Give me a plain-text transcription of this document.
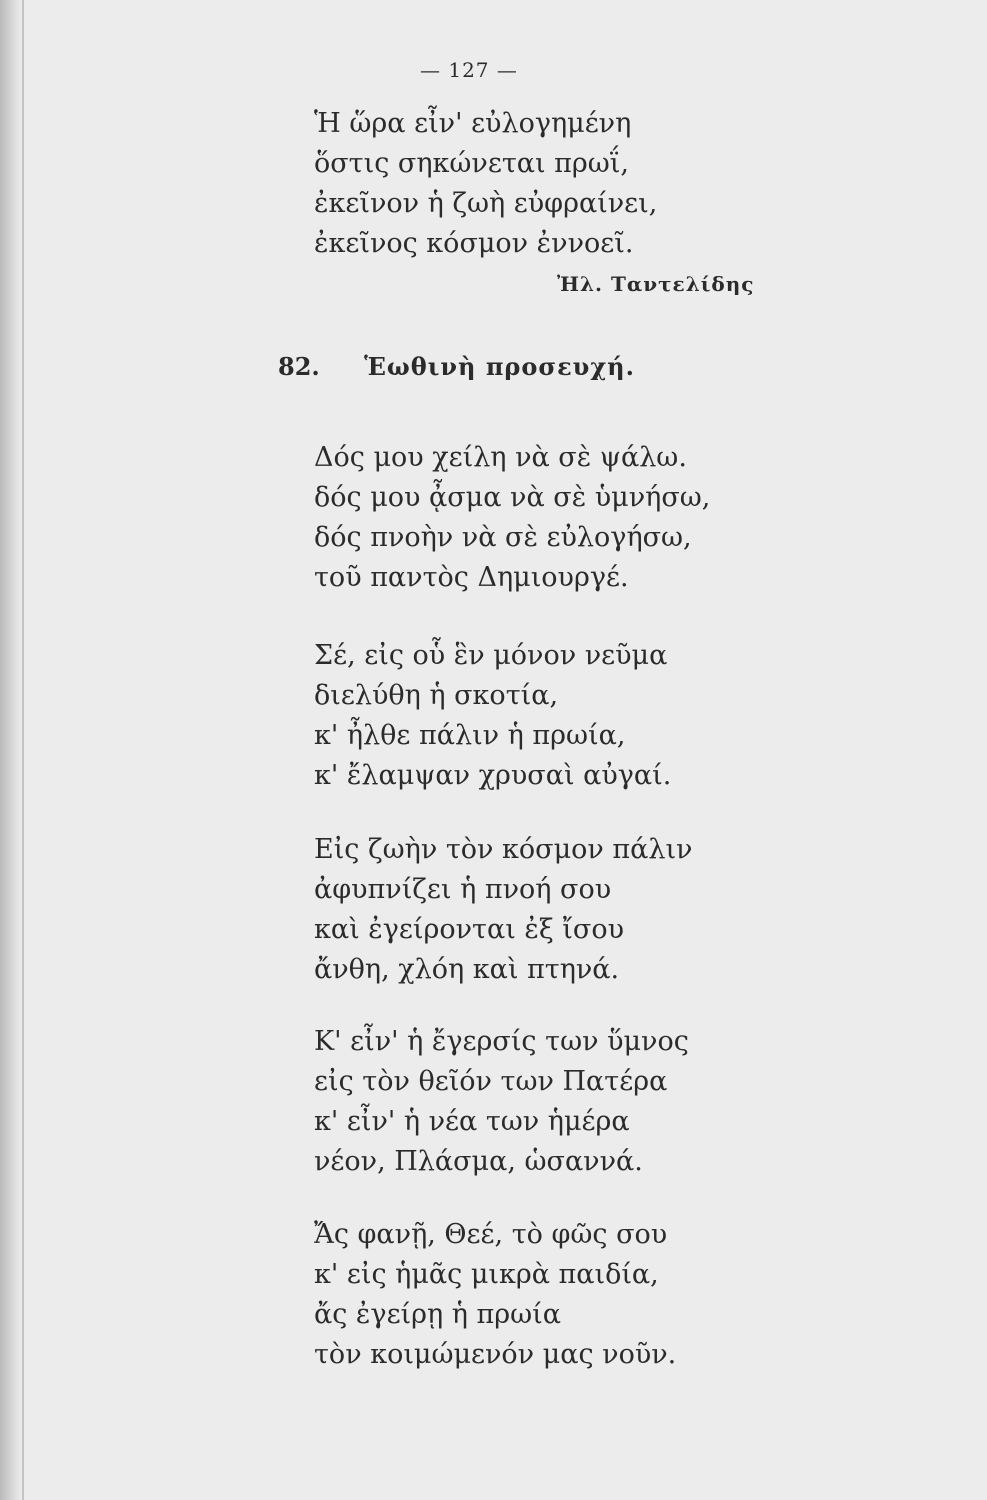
— 127 —
Ἡ ὥρα εἶν' εὐλογημένη
ὅστις σηκώνεται πρωΐ,
ἐκεῖνον ἡ ζωὴ εὐφραίνει,
ἐκεῖνος κόσμον ἐννοεῖ.
Ἠλ. Ταντελίδης
82. Ἑωθινὴ προσευχή.
Δός μου χείλη νὰ σὲ ψάλω.
δός μου ᾆσμα νὰ σὲ ὑμνήσω,
δός πνοὴν νὰ σὲ εὐλογήσω,
τοῦ παντὸς Δημιουργέ.
Σέ, εἰς οὗ ἓν μόνον νεῦμα
διελύθη ἡ σκοτία,
κ' ἦλθε πάλιν ἡ πρωία,
κ' ἔλαμψαν χρυσαὶ αὐγαί.
Εἰς ζωὴν τὸν κόσμον πάλιν
ἀφυπνίζει ἡ πνοή σου
καὶ ἐγείρονται ἐξ ἴσου
ἄνθη, χλόη καὶ πτηνά.
Κ' εἶν' ἡ ἔγερσίς των ὕμνος
εἰς τὸν θεῖόν των Πατέρα
κ' εἶν' ἡ νέα των ἡμέρα
νέον, Πλάσμα, ὡσαννά.
Ἄς φανῇ, Θεέ, τὸ φῶς σου
κ' εἰς ἡμᾶς μικρὰ παιδία,
ἄς ἐγείρῃ ἡ πρωία
τὸν κοιμώμενόν μας νοῦν.
